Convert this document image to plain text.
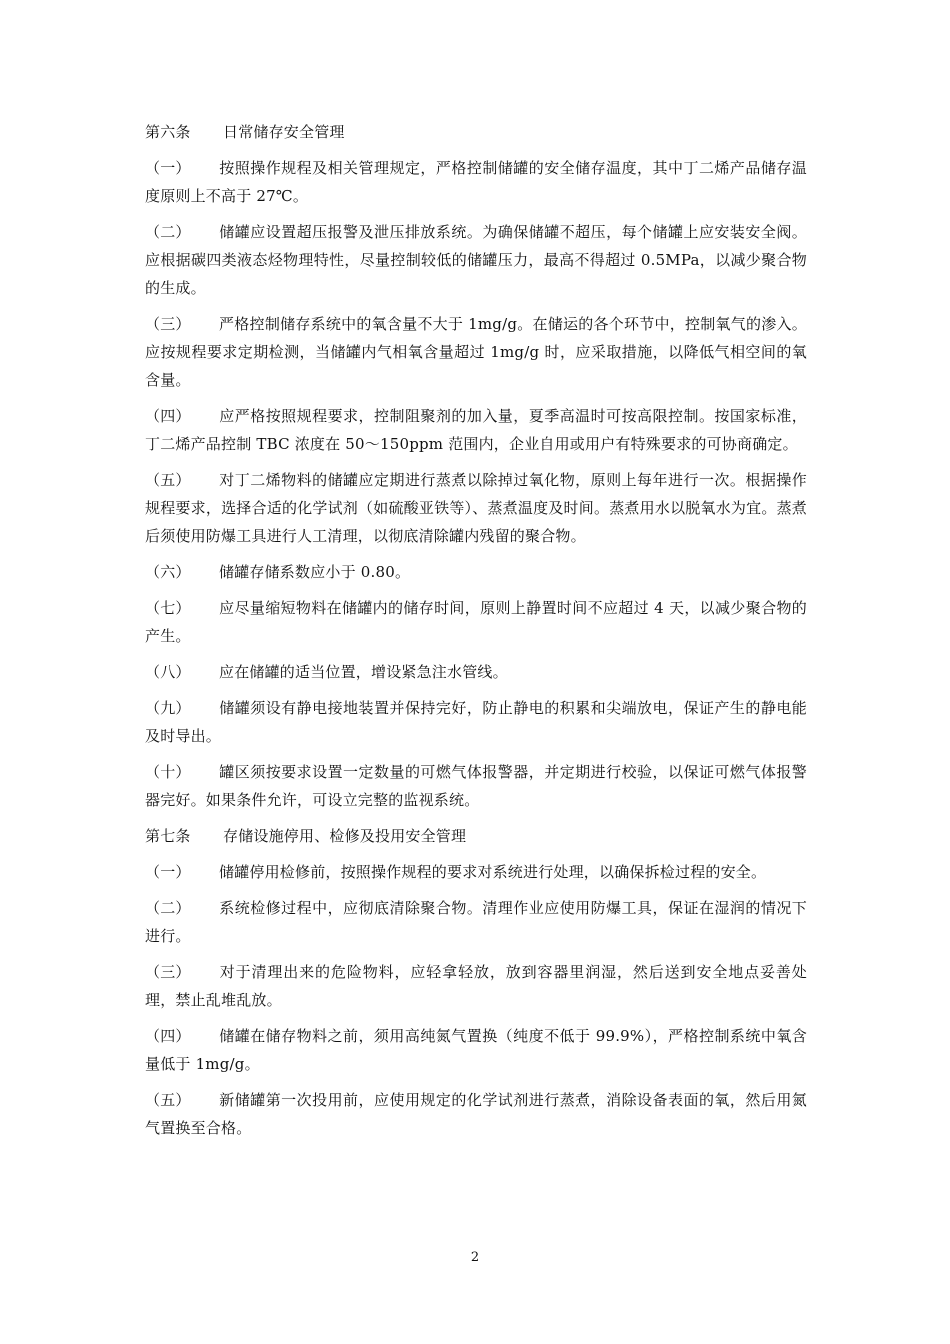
第六条 日常储存安全管理
（一） 按照操作规程及相关管理规定，严格控制储罐的安全储存温度，其中丁二烯产品储存温度原则上不高于 27℃。
（二） 储罐应设置超压报警及泄压排放系统。为确保储罐不超压，每个储罐上应安装安全阀。应根据碳四类液态烃物理特性，尽量控制较低的储罐压力，最高不得超过 0.5MPa，以减少聚合物的生成。
（三） 严格控制储存系统中的氧含量不大于 1mg/g。在储运的各个环节中，控制氧气的渗入。应按规程要求定期检测，当储罐内气相氧含量超过 1mg/g 时，应采取措施，以降低气相空间的氧含量。
（四） 应严格按照规程要求，控制阻聚剂的加入量，夏季高温时可按高限控制。按国家标准，丁二烯产品控制 TBC 浓度在 50～150ppm 范围内，企业自用或用户有特殊要求的可协商确定。
（五） 对丁二烯物料的储罐应定期进行蒸煮以除掉过氧化物，原则上每年进行一次。根据操作规程要求，选择合适的化学试剂（如硫酸亚铁等）、蒸煮温度及时间。蒸煮用水以脱氧水为宜。蒸煮后须使用防爆工具进行人工清理，以彻底清除罐内残留的聚合物。
（六） 储罐存储系数应小于 0.80。
（七） 应尽量缩短物料在储罐内的储存时间，原则上静置时间不应超过 4 天，以减少聚合物的产生。
（八） 应在储罐的适当位置，增设紧急注水管线。
（九） 储罐须设有静电接地装置并保持完好，防止静电的积累和尖端放电，保证产生的静电能及时导出。
（十） 罐区须按要求设置一定数量的可燃气体报警器，并定期进行校验，以保证可燃气体报警器完好。如果条件允许，可设立完整的监视系统。
第七条 存储设施停用、检修及投用安全管理
（一） 储罐停用检修前，按照操作规程的要求对系统进行处理，以确保拆检过程的安全。
（二） 系统检修过程中，应彻底清除聚合物。清理作业应使用防爆工具，保证在湿润的情况下进行。
（三） 对于清理出来的危险物料，应轻拿轻放，放到容器里润湿，然后送到安全地点妥善处理，禁止乱堆乱放。
（四） 储罐在储存物料之前，须用高纯氮气置换（纯度不低于 99.9%），严格控制系统中氧含量低于 1mg/g。
（五） 新储罐第一次投用前，应使用规定的化学试剂进行蒸煮，消除设备表面的氧，然后用氮气置换至合格。
2
